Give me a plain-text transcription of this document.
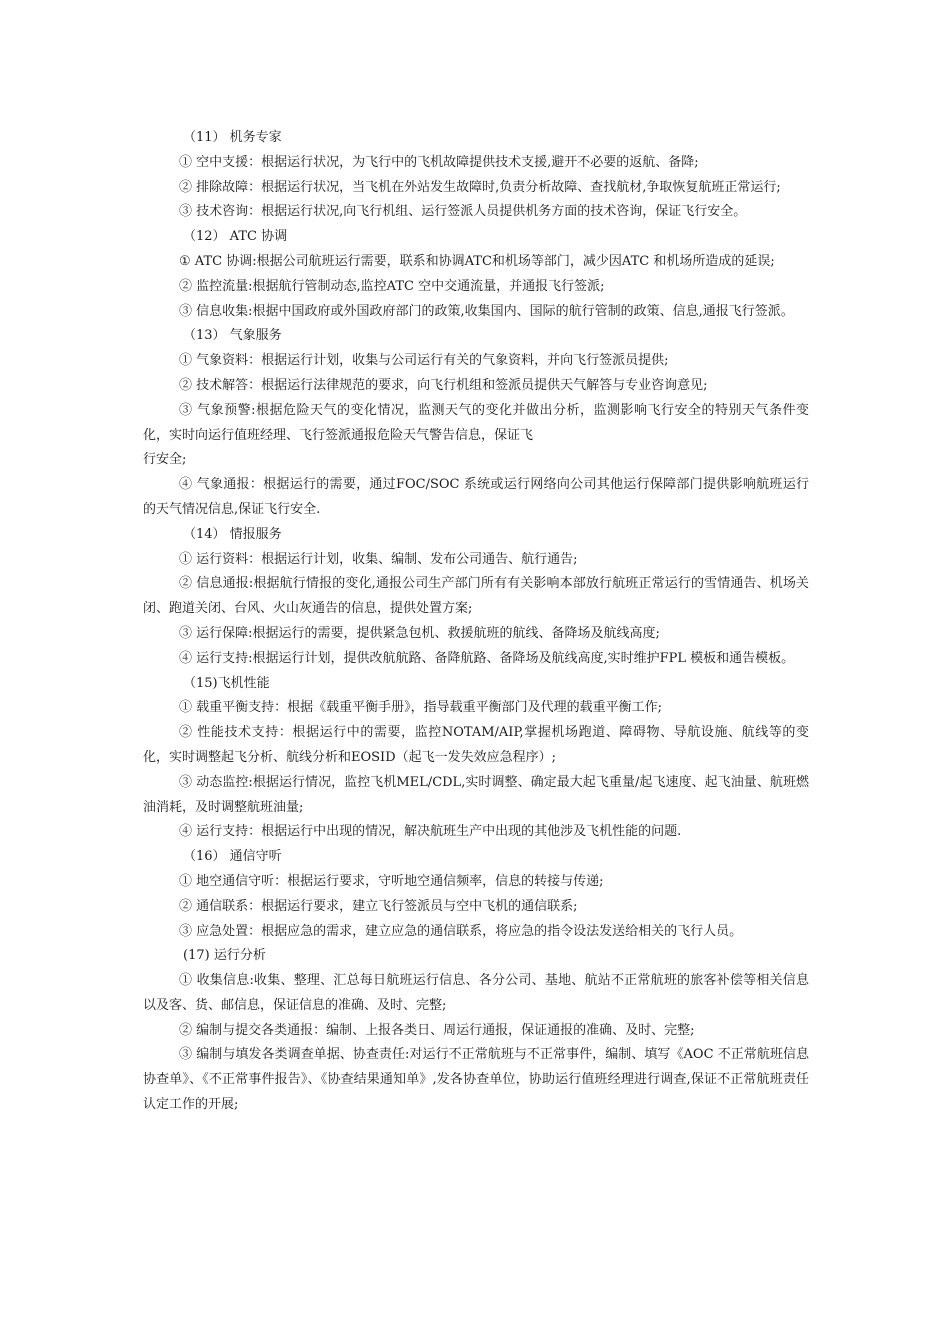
（11） 机务专家

① 空中支援：根据运行状况，为飞行中的飞机故障提供技术支援,避开不必要的返航、备降;

② 排除故障：根据运行状况，当飞机在外站发生故障时,负责分析故障、查找航材,争取恢复航班正常运行;

③ 技术咨询：根据运行状况,向飞行机组、运行签派人员提供机务方面的技术咨询，保证飞行安全。

（12） ATC 协调

① ATC 协调:根据公司航班运行需要，联系和协调ATC和机场等部门，减少因ATC 和机场所造成的延误;

② 监控流量:根据航行管制动态,监控ATC 空中交通流量，并通报飞行签派;

③ 信息收集:根据中国政府或外国政府部门的政策,收集国内、国际的航行管制的政策、信息,通报飞行签派。

（13） 气象服务

① 气象资料：根据运行计划，收集与公司运行有关的气象资料，并向飞行签派员提供;

② 技术解答：根据运行法律规范的要求，向飞行机组和签派员提供天气解答与专业咨询意见;

③ 气象预警:根据危险天气的变化情况，监测天气的变化并做出分析，监测影响飞行安全的特别天气条件变化，实时向运行值班经理、飞行签派通报危险天气警告信息，保证飞

行安全;

④ 气象通报：根据运行的需要，通过FOC/SOC 系统或运行网络向公司其他运行保障部门提供影响航班运行的天气情况信息,保证飞行安全.

（14） 情报服务

① 运行资料：根据运行计划，收集、编制、发布公司通告、航行通告;

② 信息通报:根据航行情报的变化,通报公司生产部门所有有关影响本部放行航班正常运行的雪情通告、机场关闭、跑道关闭、台风、火山灰通告的信息，提供处置方案;

③ 运行保障:根据运行的需要，提供紧急包机、救援航班的航线、备降场及航线高度;

④ 运行支持:根据运行计划，提供改航航路、备降航路、备降场及航线高度,实时维护FPL 模板和通告模板。

（15)飞机性能

① 载重平衡支持：根据《载重平衡手册》，指导载重平衡部门及代理的载重平衡工作;

② 性能技术支持：根据运行中的需要，监控NOTAM/AIP,掌握机场跑道、障碍物、导航设施、航线等的变化，实时调整起飞分析、航线分析和EOSID（起飞一发失效应急程序）;

③ 动态监控:根据运行情况，监控飞机MEL/CDL,实时调整、确定最大起飞重量/起飞速度、起飞油量、航班燃油消耗，及时调整航班油量;

④ 运行支持：根据运行中出现的情况，解决航班生产中出现的其他涉及飞机性能的问题.

（16） 通信守听

① 地空通信守听：根据运行要求，守听地空通信频率，信息的转接与传递;

② 通信联系：根据运行要求，建立飞行签派员与空中飞机的通信联系;

③ 应急处置：根据应急的需求，建立应急的通信联系，将应急的指令设法发送给相关的飞行人员。

(17) 运行分析

① 收集信息:收集、整理、汇总每日航班运行信息、各分公司、基地、航站不正常航班的旅客补偿等相关信息以及客、货、邮信息，保证信息的准确、及时、完整;

② 编制与提交各类通报：编制、上报各类日、周运行通报，保证通报的准确、及时、完整;

③ 编制与填发各类调查单据、协查责任:对运行不正常航班与不正常事件，编制、填写《AOC 不正常航班信息协查单》、《不正常事件报告》、《协查结果通知单》,发各协查单位，协助运行值班经理进行调查,保证不正常航班责任认定工作的开展;
